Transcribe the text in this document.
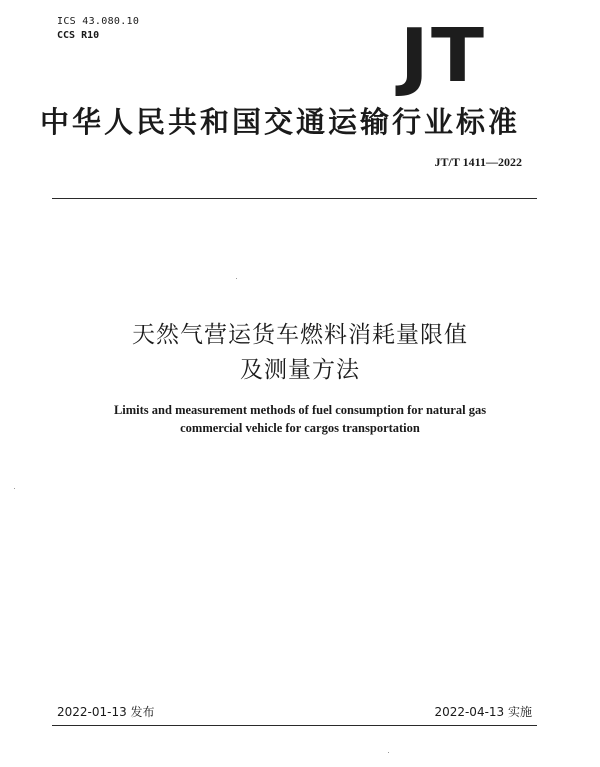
ICS 43.080.10
CCS R10	JT
中华人民共和国交通运输行业标准
JT/T 1411—2022
天然气营运货车燃料消耗量限值
及测量方法
Limits and measurement methods of fuel consumption for natural gas
commercial vehicle for cargos transportation
2022-01-13 发布	2022-04-13 实施
